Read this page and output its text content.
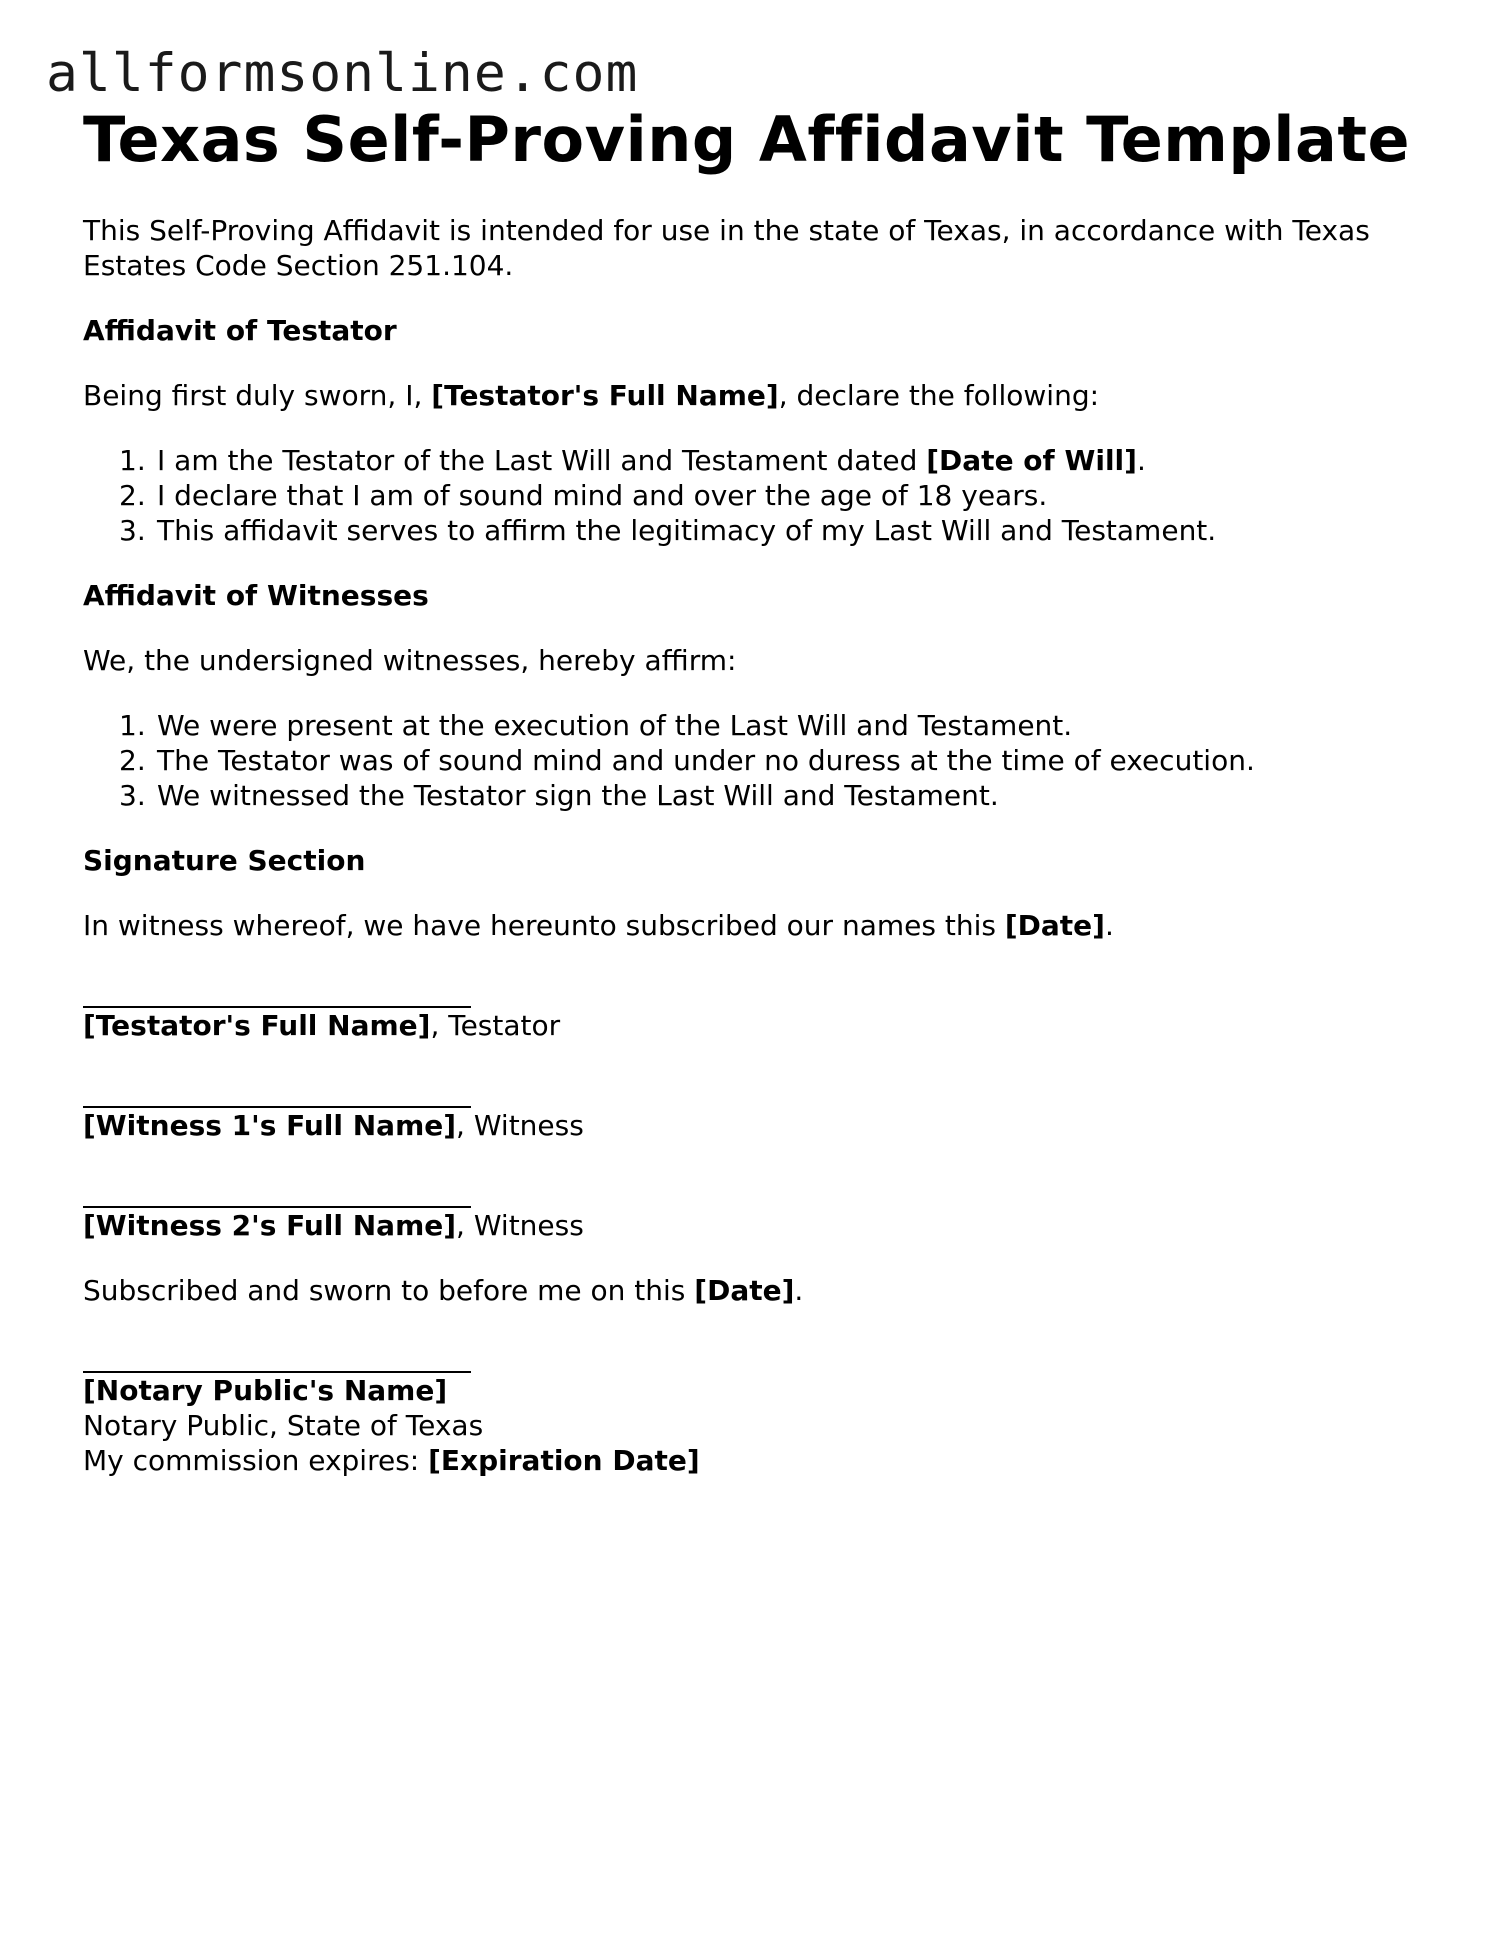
allformsonline.com
Texas Self-Proving Affidavit Template

This Self-Proving Affidavit is intended for use in the state of Texas, in accordance with Texas Estates Code Section 251.104.

Affidavit of Testator

Being first duly sworn, I, [Testator's Full Name], declare the following:

1. I am the Testator of the Last Will and Testament dated [Date of Will].
2. I declare that I am of sound mind and over the age of 18 years.
3. This affidavit serves to affirm the legitimacy of my Last Will and Testament.

Affidavit of Witnesses

We, the undersigned witnesses, hereby affirm:

1. We were present at the execution of the Last Will and Testament.
2. The Testator was of sound mind and under no duress at the time of execution.
3. We witnessed the Testator sign the Last Will and Testament.

Signature Section

In witness whereof, we have hereunto subscribed our names this [Date].

[Testator's Full Name], Testator

[Witness 1's Full Name], Witness

[Witness 2's Full Name], Witness

Subscribed and sworn to before me on this [Date].

[Notary Public's Name]

Notary Public, State of Texas

My commission expires: [Expiration Date]
